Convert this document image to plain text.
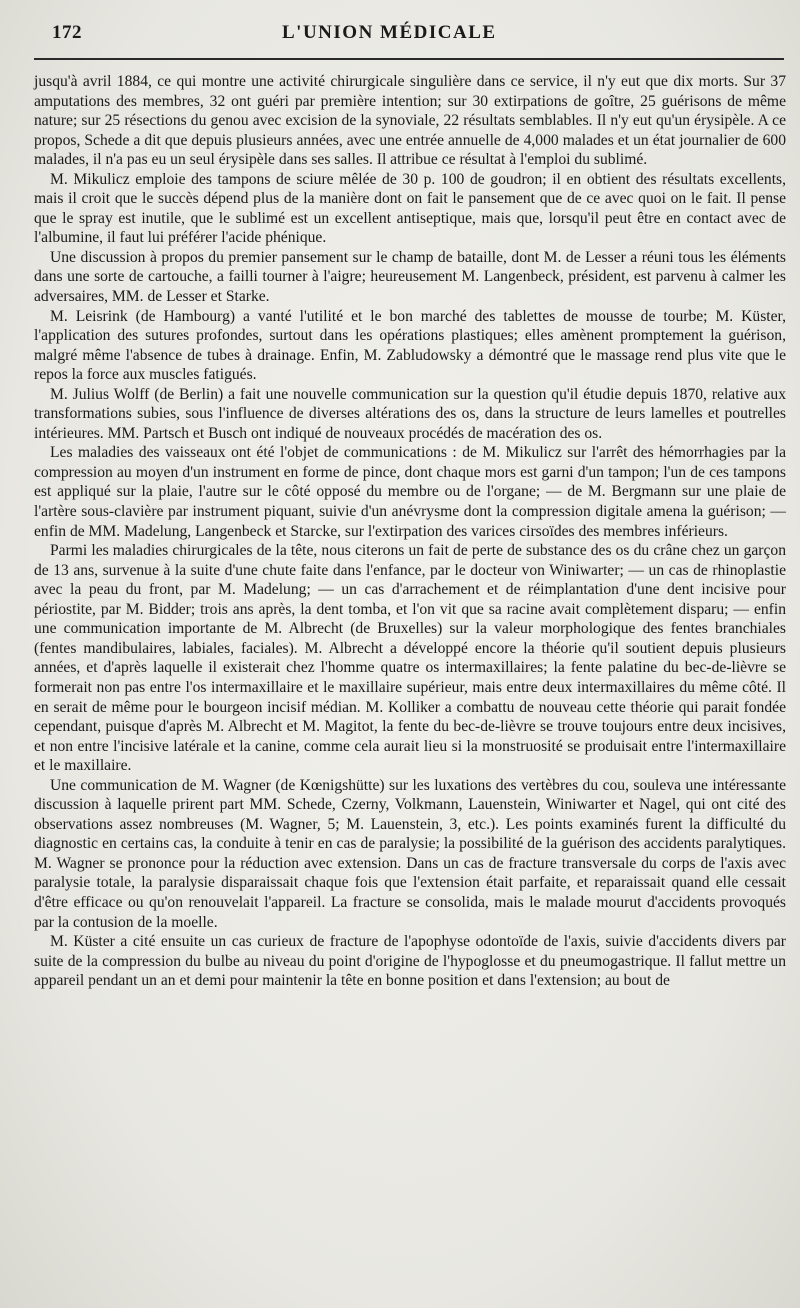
172	L'UNION MÉDICALE

jusqu'à avril 1884, ce qui montre une activité chirurgicale singulière dans ce service, il n'y eut que dix morts. Sur 37 amputations des membres, 32 ont guéri par première intention; sur 30 extirpations de goître, 25 guérisons de même nature; sur 25 résections du genou avec excision de la synoviale, 22 résultats semblables. Il n'y eut qu'un érysipèle. A ce propos, Schede a dit que depuis plusieurs années, avec une entrée annuelle de 4,000 malades et un état journalier de 600 malades, il n'a pas eu un seul érysipèle dans ses salles. Il attribue ce résultat à l'emploi du sublimé.

M. Mikulicz emploie des tampons de sciure mêlée de 30 p. 100 de goudron; il en obtient des résultats excellents, mais il croit que le succès dépend plus de la manière dont on fait le pansement que de ce avec quoi on le fait. Il pense que le spray est inutile, que le sublimé est un excellent antiseptique, mais que, lorsqu'il peut être en contact avec de l'albumine, il faut lui préférer l'acide phénique.

Une discussion à propos du premier pansement sur le champ de bataille, dont M. de Lesser a réuni tous les éléments dans une sorte de cartouche, a failli tourner à l'aigre; heureusement M. Langenbeck, président, est parvenu à calmer les adversaires, MM. de Lesser et Starke.

M. Leisrink (de Hambourg) a vanté l'utilité et le bon marché des tablettes de mousse de tourbe; M. Küster, l'application des sutures profondes, surtout dans les opérations plastiques; elles amènent promptement la guérison, malgré même l'absence de tubes à drainage. Enfin, M. Zabludowsky a démontré que le massage rend plus vite que le repos la force aux muscles fatigués.

M. Julius Wolff (de Berlin) a fait une nouvelle communication sur la question qu'il étudie depuis 1870, relative aux transformations subies, sous l'influence de diverses altérations des os, dans la structure de leurs lamelles et poutrelles intérieures. MM. Partsch et Busch ont indiqué de nouveaux procédés de macération des os.

Les maladies des vaisseaux ont été l'objet de communications : de M. Mikulicz sur l'arrêt des hémorrhagies par la compression au moyen d'un instrument en forme de pince, dont chaque mors est garni d'un tampon; l'un de ces tampons est appliqué sur la plaie, l'autre sur le côté opposé du membre ou de l'organe; — de M. Bergmann sur une plaie de l'artère sous-clavière par instrument piquant, suivie d'un anévrysme dont la compression digitale amena la guérison; — enfin de MM. Madelung, Langenbeck et Starcke, sur l'extirpation des varices cirsoïdes des membres inférieurs.

Parmi les maladies chirurgicales de la tête, nous citerons un fait de perte de substance des os du crâne chez un garçon de 13 ans, survenue à la suite d'une chute faite dans l'enfance, par le docteur von Winiwarter; — un cas de rhinoplastie avec la peau du front, par M. Madelung; — un cas d'arrachement et de réimplantation d'une dent incisive pour périostite, par M. Bidder; trois ans après, la dent tomba, et l'on vit que sa racine avait complètement disparu; — enfin une communication importante de M. Albrecht (de Bruxelles) sur la valeur morphologique des fentes branchiales (fentes mandibulaires, labiales, faciales). M. Albrecht a développé encore la théorie qu'il soutient depuis plusieurs années, et d'après laquelle il existerait chez l'homme quatre os intermaxillaires; la fente palatine du bec-de-lièvre se formerait non pas entre l'os intermaxillaire et le maxillaire supérieur, mais entre deux intermaxillaires du même côté. Il en serait de même pour le bourgeon incisif médian. M. Kolliker a combattu de nouveau cette théorie qui parait fondée cependant, puisque d'après M. Albrecht et M. Magitot, la fente du bec-de-lièvre se trouve toujours entre deux incisives, et non entre l'incisive latérale et la canine, comme cela aurait lieu si la monstruosité se produisait entre l'intermaxillaire et le maxillaire.

Une communication de M. Wagner (de Kœnigshütte) sur les luxations des vertèbres du cou, souleva une intéressante discussion à laquelle prirent part MM. Schede, Czerny, Volkmann, Lauenstein, Winiwarter et Nagel, qui ont cité des observations assez nombreuses (M. Wagner, 5; M. Lauenstein, 3, etc.). Les points examinés furent la difficulté du diagnostic en certains cas, la conduite à tenir en cas de paralysie; la possibilité de la guérison des accidents paralytiques. M. Wagner se prononce pour la réduction avec extension. Dans un cas de fracture transversale du corps de l'axis avec paralysie totale, la paralysie disparaissait chaque fois que l'extension était parfaite, et reparaissait quand elle cessait d'être efficace ou qu'on renouvelait l'appareil. La fracture se consolida, mais le malade mourut d'accidents provoqués par la contusion de la moelle.

M. Küster a cité ensuite un cas curieux de fracture de l'apophyse odontoïde de l'axis, suivie d'accidents divers par suite de la compression du bulbe au niveau du point d'origine de l'hypoglosse et du pneumogastrique. Il fallut mettre un appareil pendant un an et demi pour maintenir la tête en bonne position et dans l'extension; au bout de
